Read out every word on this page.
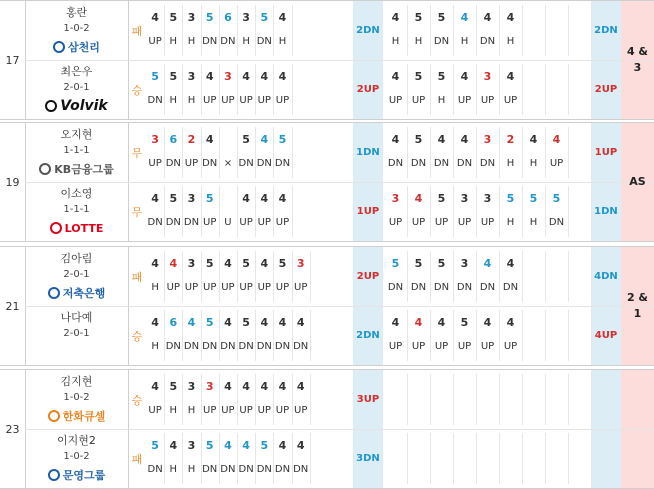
17
홍란
1-0-2
삼천리
패
4
UP
5
H
3
H
5
DN
6
DN
3
H
5
DN
4
H
2DN
4
H
5
H
5
DN
4
H
4
DN
4
H
2DN
최은우
2-0-1
Volvik
승
5
DN
5
H
3
H
4
UP
3
UP
4
UP
4
UP
4
UP
2UP
4
UP
5
UP
5
H
4
UP
3
UP
4
UP
2UP
4 &
3
19
오지현
1-1-1
KB금융그룹
무
3
UP
6
DN
2
UP
4
DN ×
5
DN
4
DN
5
DN
1DN
4
DN
5
DN
4
DN
4
DN
3
DN
2
H
4
H
4
UP
1UP
이소영
1-1-1
LOTTE
무
4
DN
5
DN
3
DN
5
UP U
4
UP
4
UP
4
UP
1UP
3
UP
4
UP
5
UP
3
UP
3
UP
5
H
5
H
5
DN
1DN
AS
21
김아림
2-0-1
저축은행
패
4
H
4
UP
3
UP
5
UP
4
UP
5
UP
4
UP
5
UP
3
UP
2UP
5
DN
5
DN
5
DN
3
DN
4
DN
4
DN
4DN
나다예
2-0-1	승
4
H
6
DN
4
DN
5
DN
4
DN
5
DN
4
DN
4
DN
4
DN
2DN
4
UP
4
UP
4
UP
5
UP
4
UP
4
UP
4UP
2 &
1
23
김지현
1-0-2
한화큐셀
승
4
UP
5
H
3
H
3
UP
4
UP
4
UP
4
UP
4
UP
4
UP
3UP
이지현2
1-0-2
문영그룹
패
5
DN
4
H
3
H
5
DN
4
DN
4
DN
5
DN
4
DN
4
DN
3DN
